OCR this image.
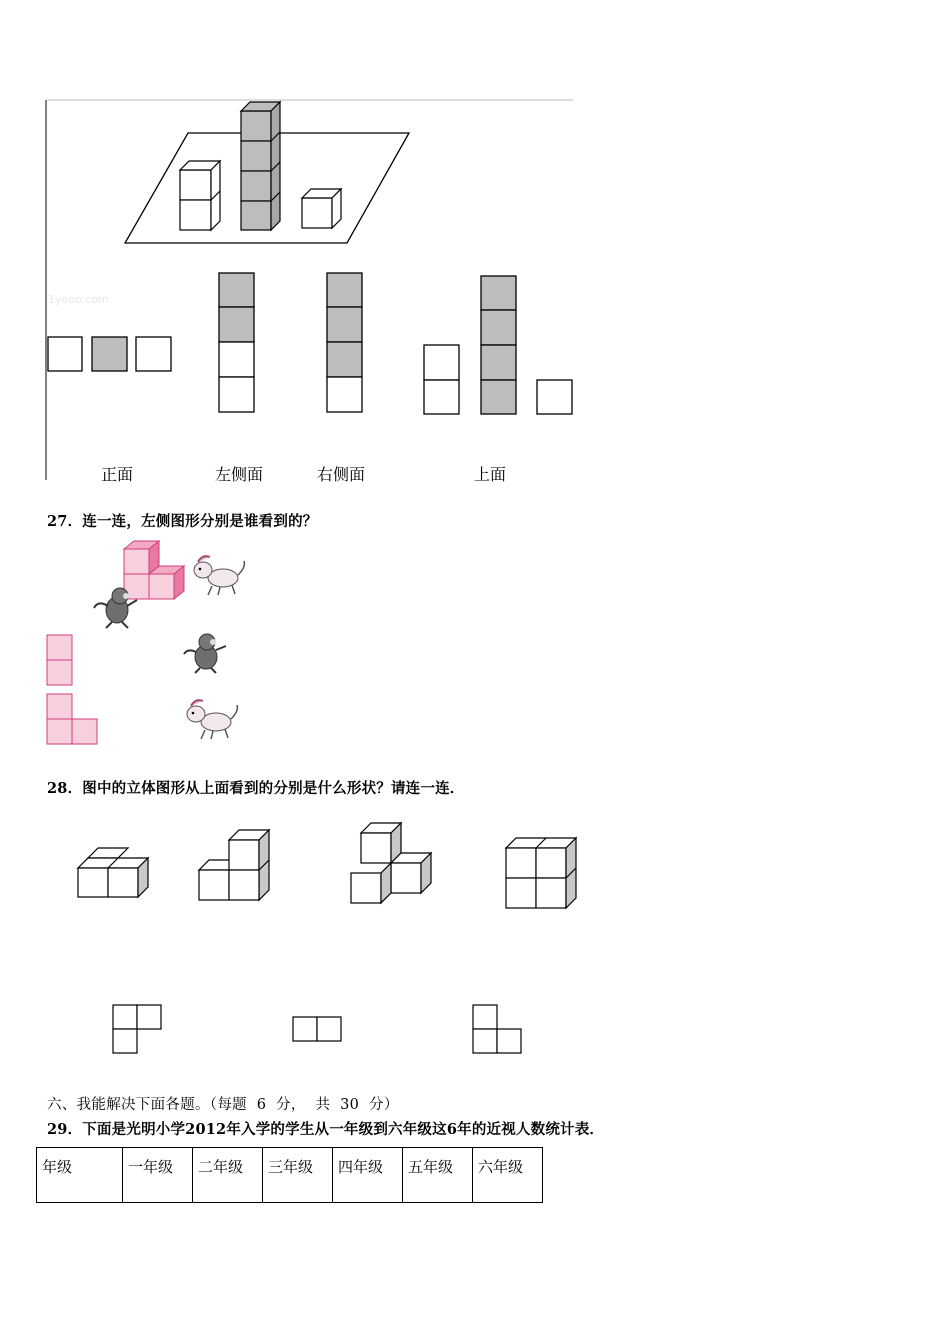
1yeoo.com
正面	左侧面	右侧面	上面
27．连一连，左侧图形分别是谁看到的？
28．图中的立体图形从上面看到的分别是什么形状？请连一连．
六、我能解决下面各题。（每题  6  分，  共  30  分）
29．下面是光明小学2012年入学的学生从一年级到六年级这6年的近视人数统计表．
年级	一年级	二年级	三年级	四年级	五年级	六年级
